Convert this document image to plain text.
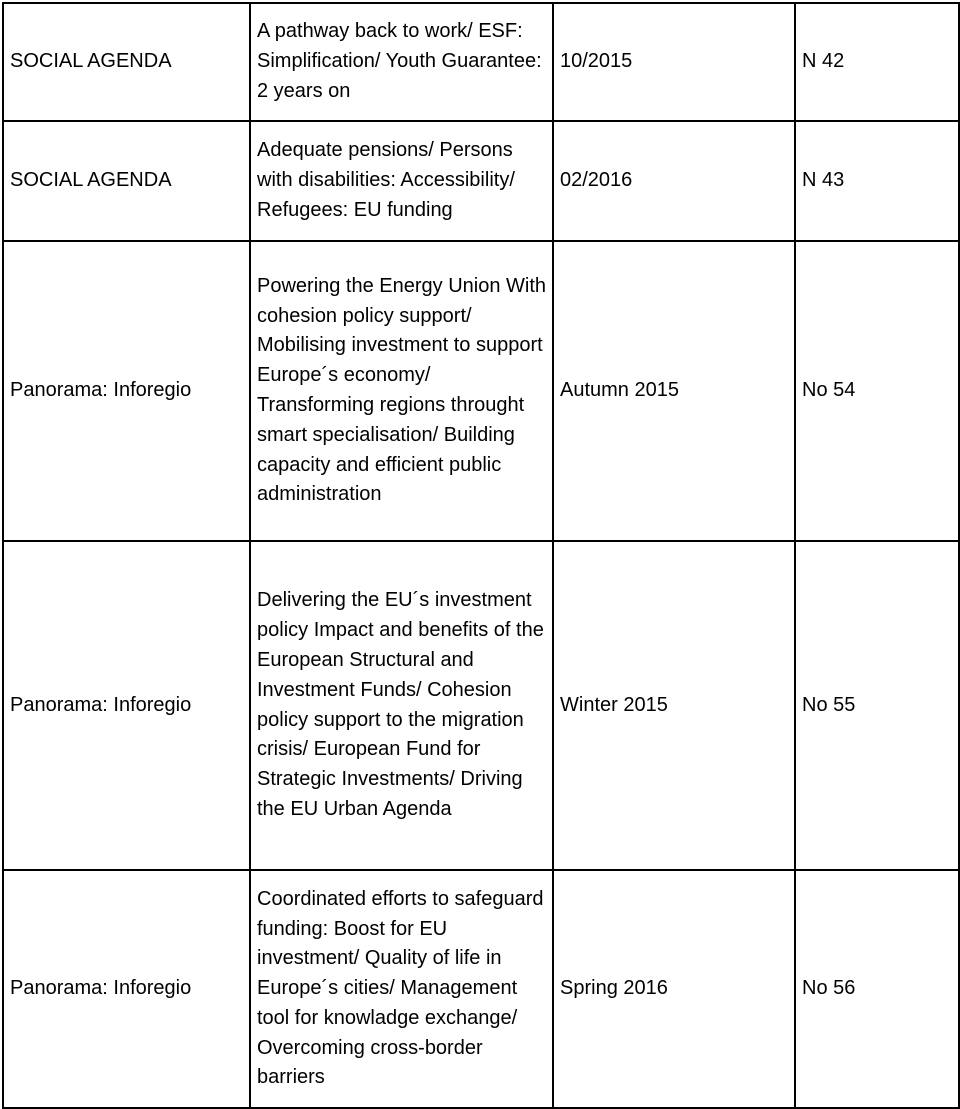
SOCIAL AGENDA	A pathway back to work/ ESF: Simplification/ Youth Guarantee: 2 years on	10/2015	N 42
SOCIAL AGENDA	Adequate pensions/ Persons with disabilities: Accessibility/ Refugees: EU funding	02/2016	N 43
Panorama: Inforegio	Powering the Energy Union With cohesion policy support/ Mobilising investment to support Europe´s economy/ Transforming regions throught smart specialisation/ Building capacity and efficient public administration	Autumn 2015	No 54
Panorama: Inforegio	Delivering the EU´s investment policy Impact and benefits of the European Structural and Investment Funds/ Cohesion policy support to the migration crisis/ European Fund for Strategic Investments/ Driving the EU Urban Agenda	Winter 2015	No 55
Panorama: Inforegio	Coordinated efforts to safeguard funding: Boost for EU investment/ Quality of life in Europe´s cities/ Management tool for knowladge exchange/ Overcoming cross-border barriers	Spring 2016	No 56
